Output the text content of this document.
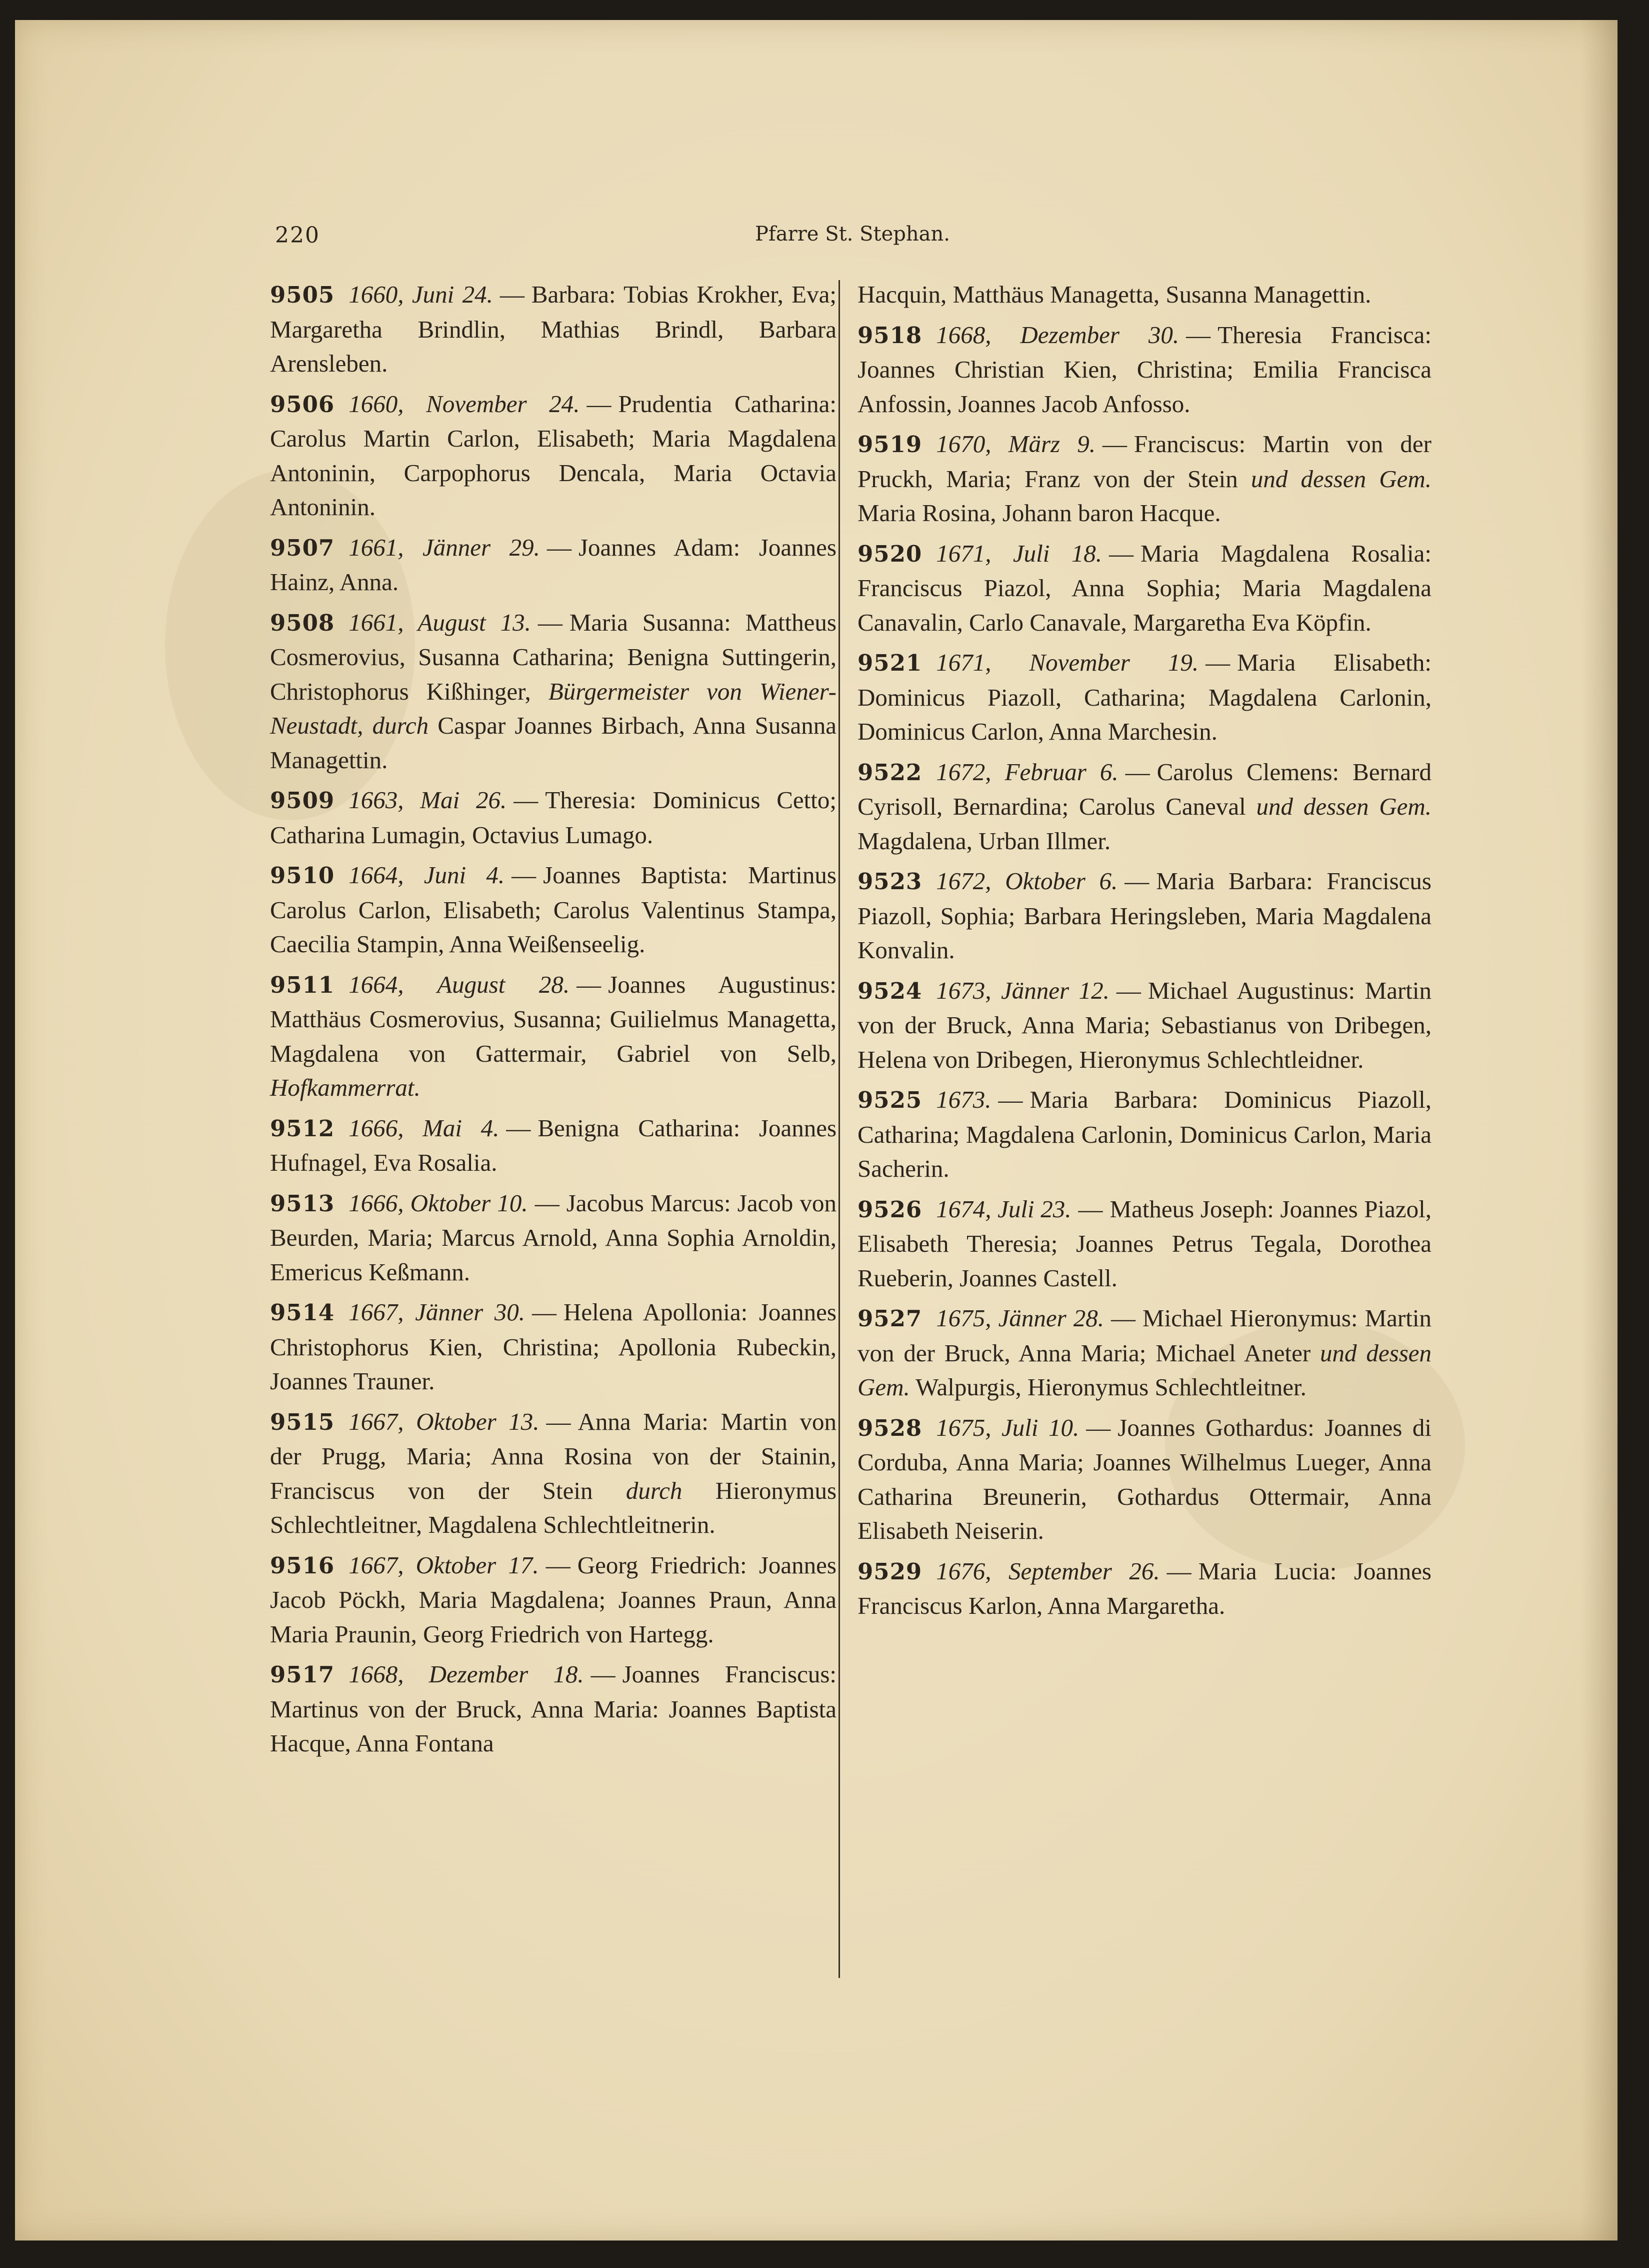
220	Pfarre St. Stephan.

9505 1660, Juni 24. — Barbara: Tobias Krokher, Eva; Margaretha Brindlin, Mathias Brindl, Barbara Arensleben.

9506 1660, November 24. — Prudentia Catharina: Carolus Martin Carlon, Elisabeth; Maria Magdalena Antoninin, Carpophorus Dencala, Maria Octavia Antoninin.

9507 1661, Jänner 29. — Joannes Adam: Joannes Hainz, Anna.

9508 1661, August 13. — Maria Susanna: Mattheus Cosmerovius, Susanna Catharina; Benigna Suttingerin, Christophorus Kißhinger, Bürgermeister von Wiener-Neustadt, durch Caspar Joannes Birbach, Anna Susanna Managettin.

9509 1663, Mai 26. — Theresia: Dominicus Cetto; Catharina Lumagin, Octavius Lumago.

9510 1664, Juni 4. — Joannes Baptista: Martinus Carolus Carlon, Elisabeth; Carolus Valentinus Stampa, Caecilia Stampin, Anna Weißenseelig.

9511 1664, August 28. — Joannes Augustinus: Matthäus Cosmerovius, Susanna; Guilielmus Managetta, Magdalena von Gattermair, Gabriel von Selb, Hofkammerrat.

9512 1666, Mai 4. — Benigna Catharina: Joannes Hufnagel, Eva Rosalia.

9513 1666, Oktober 10. — Jacobus Marcus: Jacob von Beurden, Maria; Marcus Arnold, Anna Sophia Arnoldin, Emericus Keßmann.

9514 1667, Jänner 30. — Helena Apollonia: Joannes Christophorus Kien, Christina; Apollonia Rubeckin, Joannes Trauner.

9515 1667, Oktober 13. — Anna Maria: Martin von der Prugg, Maria; Anna Rosina von der Stainin, Franciscus von der Stein durch Hieronymus Schlechtleitner, Magdalena Schlechtleitnerin.

9516 1667, Oktober 17. — Georg Friedrich: Joannes Jacob Pöckh, Maria Magdalena; Joannes Praun, Anna Maria Praunin, Georg Friedrich von Hartegg.

9517 1668, Dezember 18. — Joannes Franciscus: Martinus von der Bruck, Anna Maria: Joannes Baptista Hacque, Anna Fontana

Hacquin, Matthäus Managetta, Susanna Managettin.

9518 1668, Dezember 30. — Theresia Francisca: Joannes Christian Kien, Christina; Emilia Francisca Anfossin, Joannes Jacob Anfosso.

9519 1670, März 9. — Franciscus: Martin von der Pruckh, Maria; Franz von der Stein und dessen Gem. Maria Rosina, Johann baron Hacque.

9520 1671, Juli 18. — Maria Magdalena Rosalia: Franciscus Piazol, Anna Sophia; Maria Magdalena Canavalin, Carlo Canavale, Margaretha Eva Köpfin.

9521 1671, November 19. — Maria Elisabeth: Dominicus Piazoll, Catharina; Magdalena Carlonin, Dominicus Carlon, Anna Marchesin.

9522 1672, Februar 6. — Carolus Clemens: Bernard Cyrisoll, Bernardina; Carolus Caneval und dessen Gem. Magdalena, Urban Illmer.

9523 1672, Oktober 6. — Maria Barbara: Franciscus Piazoll, Sophia; Barbara Heringsleben, Maria Magdalena Konvalin.

9524 1673, Jänner 12. — Michael Augustinus: Martin von der Bruck, Anna Maria; Sebastianus von Dribegen, Helena von Dribegen, Hieronymus Schlechtleidner.

9525 1673. — Maria Barbara: Dominicus Piazoll, Catharina; Magdalena Carlonin, Dominicus Carlon, Maria Sacherin.

9526 1674, Juli 23. — Matheus Joseph: Joannes Piazol, Elisabeth Theresia; Joannes Petrus Tegala, Dorothea Rueberin, Joannes Castell.

9527 1675, Jänner 28. — Michael Hieronymus: Martin von der Bruck, Anna Maria; Michael Aneter und dessen Gem. Walpurgis, Hieronymus Schlechtleitner.

9528 1675, Juli 10. — Joannes Gothardus: Joannes di Corduba, Anna Maria; Joannes Wilhelmus Lueger, Anna Catharina Breunerin, Gothardus Ottermair, Anna Elisabeth Neiserin.

9529 1676, September 26. — Maria Lucia: Joannes Franciscus Karlon, Anna Margaretha.
